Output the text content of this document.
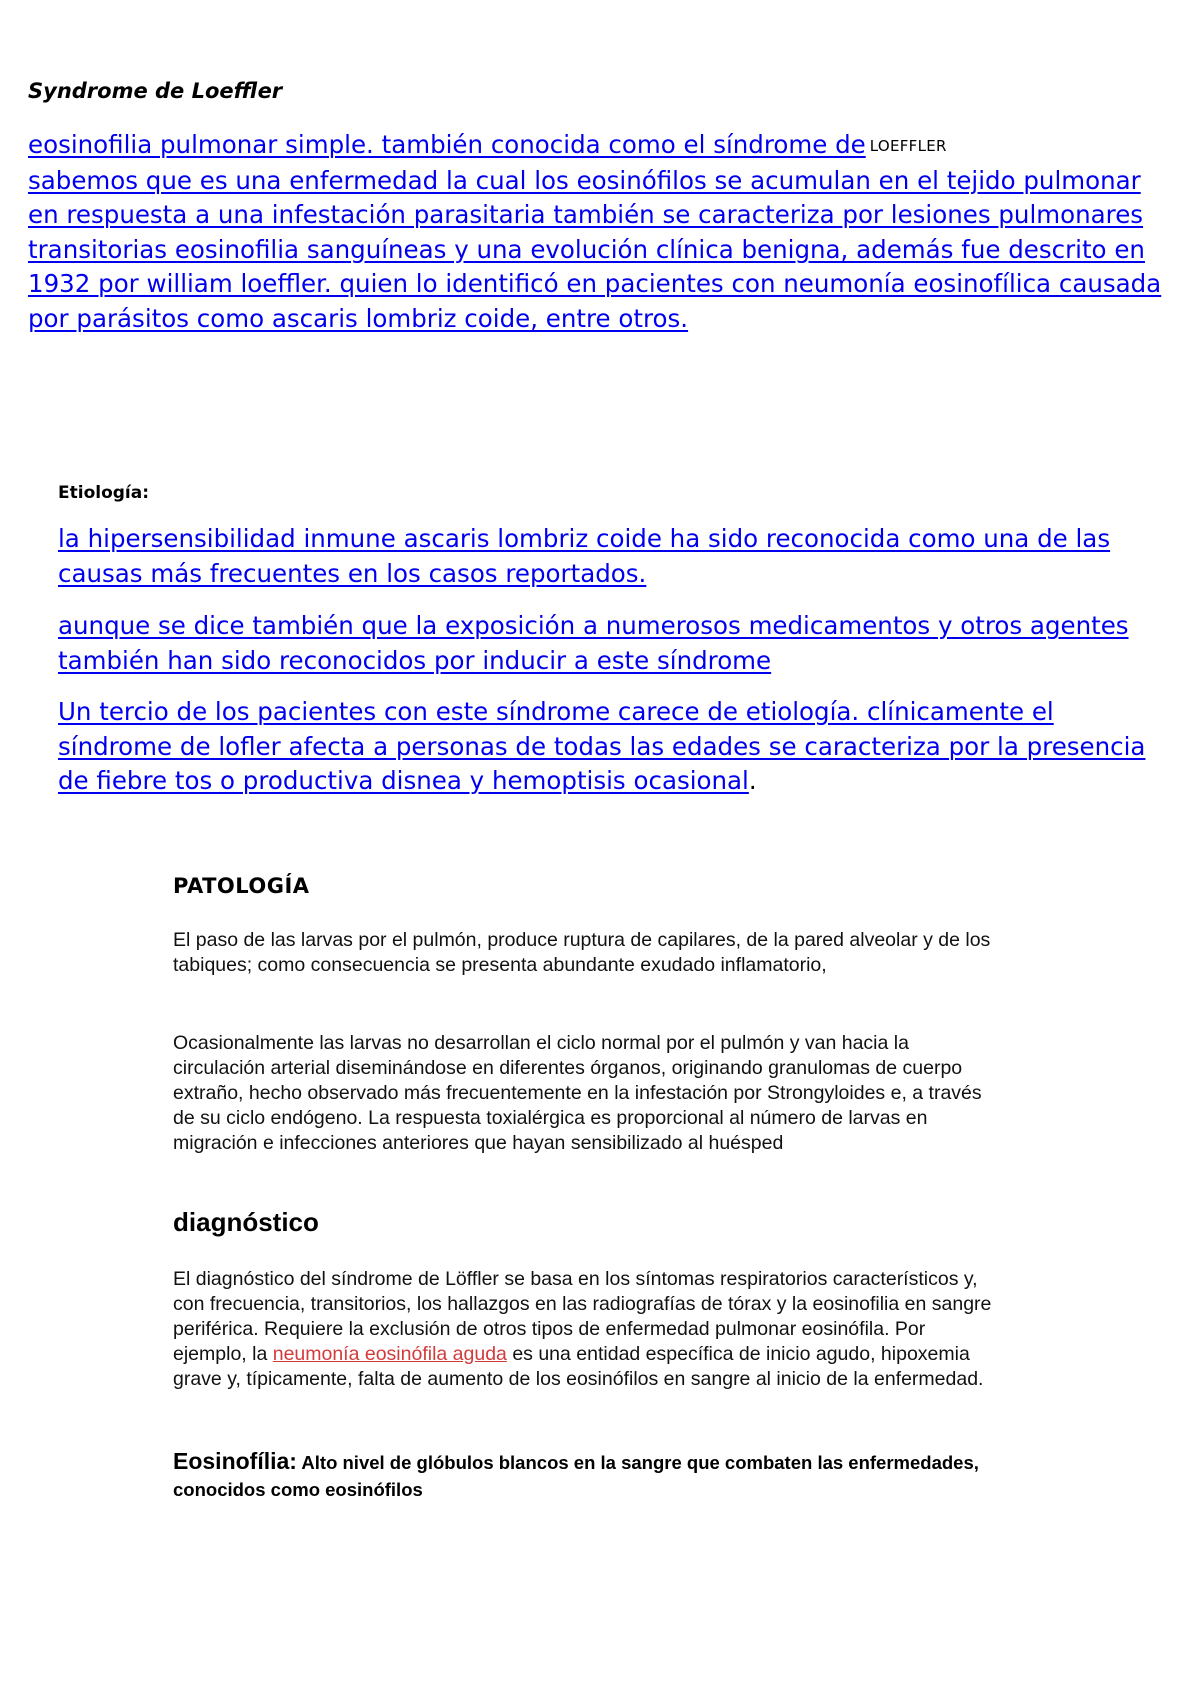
Syndrome de Loeffler
eosinofilia pulmonar simple. también conocida como el síndrome de LOEFFLER
sabemos que es una enfermedad la cual los eosinófilos se acumulan en el tejido pulmonar en respuesta a una infestación parasitaria también se caracteriza por lesiones pulmonares transitorias eosinofilia sanguíneas y una evolución clínica benigna, además fue descrito en 1932 por william loeffler. quien lo identificó en pacientes con neumonía eosinofílica causada por parásitos como ascaris lombriz coide, entre otros.
Etiología:
la hipersensibilidad inmune ascaris lombriz coide ha sido reconocida como una de las causas más frecuentes en los casos reportados.
aunque se dice también que la exposición a numerosos medicamentos y otros agentes también han sido reconocidos por inducir a este síndrome
Un tercio de los pacientes con este síndrome carece de etiología. clínicamente el síndrome de lofler afecta a personas de todas las edades se caracteriza por la presencia de fiebre tos o productiva disnea y hemoptisis ocasional.
PATOLOGÍA
El paso de las larvas por el pulmón, produce ruptura de capilares, de la pared alveolar y de los tabiques; como consecuencia se presenta abundante exudado inflamatorio,
Ocasionalmente las larvas no desarrollan el ciclo normal por el pulmón y van hacia la circulación arterial diseminándose en diferentes órganos, originando granulomas de cuerpo extraño, hecho observado más frecuentemente en la infestación por Strongyloides e, a través de su ciclo endógeno. La respuesta toxialérgica es proporcional al número de larvas en migración e infecciones anteriores que hayan sensibilizado al huésped
diagnóstico
El diagnóstico del síndrome de Löffler se basa en los síntomas respiratorios característicos y, con frecuencia, transitorios, los hallazgos en las radiografías de tórax y la eosinofilia en sangre periférica. Requiere la exclusión de otros tipos de enfermedad pulmonar eosinófila. Por ejemplo, la neumonía eosinófila aguda es una entidad específica de inicio agudo, hipoxemia grave y, típicamente, falta de aumento de los eosinófilos en sangre al inicio de la enfermedad.
Eosinofília: Alto nivel de glóbulos blancos en la sangre que combaten las enfermedades, conocidos como eosinófilos
